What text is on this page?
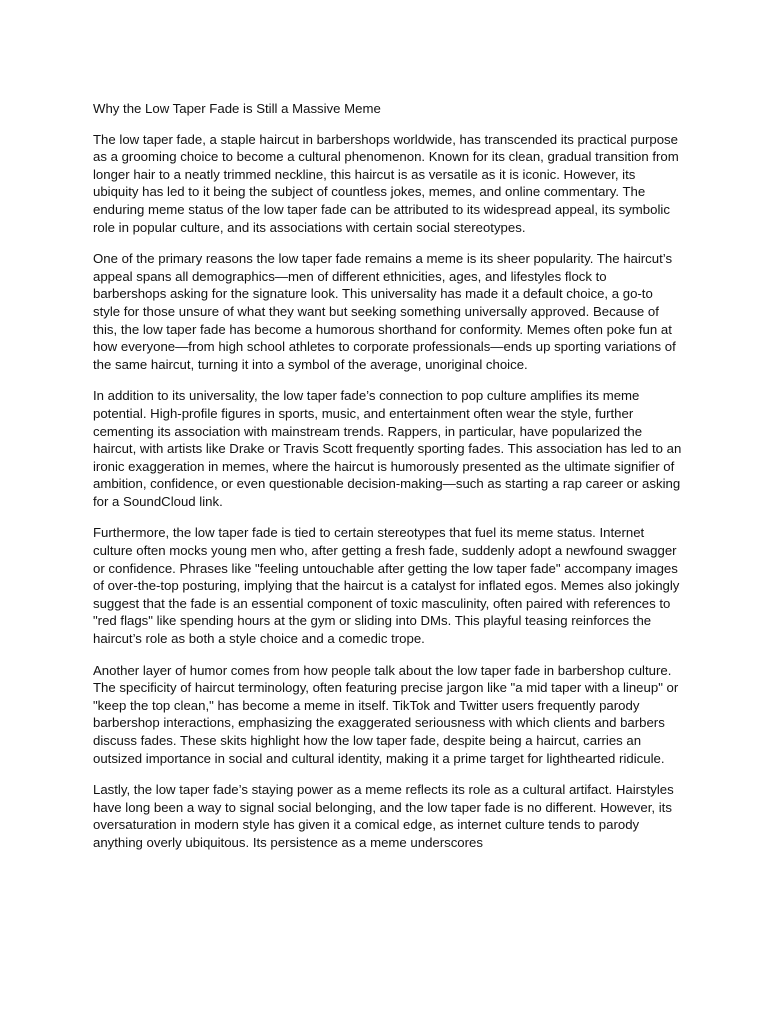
Why the Low Taper Fade is Still a Massive Meme

The low taper fade, a staple haircut in barbershops worldwide, has transcended its practical purpose as a grooming choice to become a cultural phenomenon. Known for its clean, gradual transition from longer hair to a neatly trimmed neckline, this haircut is as versatile as it is iconic. However, its ubiquity has led to it being the subject of countless jokes, memes, and online commentary. The enduring meme status of the low taper fade can be attributed to its widespread appeal, its symbolic role in popular culture, and its associations with certain social stereotypes.

One of the primary reasons the low taper fade remains a meme is its sheer popularity. The haircut’s appeal spans all demographics—men of different ethnicities, ages, and lifestyles flock to barbershops asking for the signature look. This universality has made it a default choice, a go-to style for those unsure of what they want but seeking something universally approved. Because of this, the low taper fade has become a humorous shorthand for conformity. Memes often poke fun at how everyone—from high school athletes to corporate professionals—ends up sporting variations of the same haircut, turning it into a symbol of the average, unoriginal choice.

In addition to its universality, the low taper fade’s connection to pop culture amplifies its meme potential. High-profile figures in sports, music, and entertainment often wear the style, further cementing its association with mainstream trends. Rappers, in particular, have popularized the haircut, with artists like Drake or Travis Scott frequently sporting fades. This association has led to an ironic exaggeration in memes, where the haircut is humorously presented as the ultimate signifier of ambition, confidence, or even questionable decision-making—such as starting a rap career or asking for a SoundCloud link.

Furthermore, the low taper fade is tied to certain stereotypes that fuel its meme status. Internet culture often mocks young men who, after getting a fresh fade, suddenly adopt a newfound swagger or confidence. Phrases like "feeling untouchable after getting the low taper fade" accompany images of over-the-top posturing, implying that the haircut is a catalyst for inflated egos. Memes also jokingly suggest that the fade is an essential component of toxic masculinity, often paired with references to "red flags" like spending hours at the gym or sliding into DMs. This playful teasing reinforces the haircut’s role as both a style choice and a comedic trope.

Another layer of humor comes from how people talk about the low taper fade in barbershop culture. The specificity of haircut terminology, often featuring precise jargon like "a mid taper with a lineup" or "keep the top clean," has become a meme in itself. TikTok and Twitter users frequently parody barbershop interactions, emphasizing the exaggerated seriousness with which clients and barbers discuss fades. These skits highlight how the low taper fade, despite being a haircut, carries an outsized importance in social and cultural identity, making it a prime target for lighthearted ridicule.

Lastly, the low taper fade’s staying power as a meme reflects its role as a cultural artifact. Hairstyles have long been a way to signal social belonging, and the low taper fade is no different. However, its oversaturation in modern style has given it a comical edge, as internet culture tends to parody anything overly ubiquitous. Its persistence as a meme underscores
